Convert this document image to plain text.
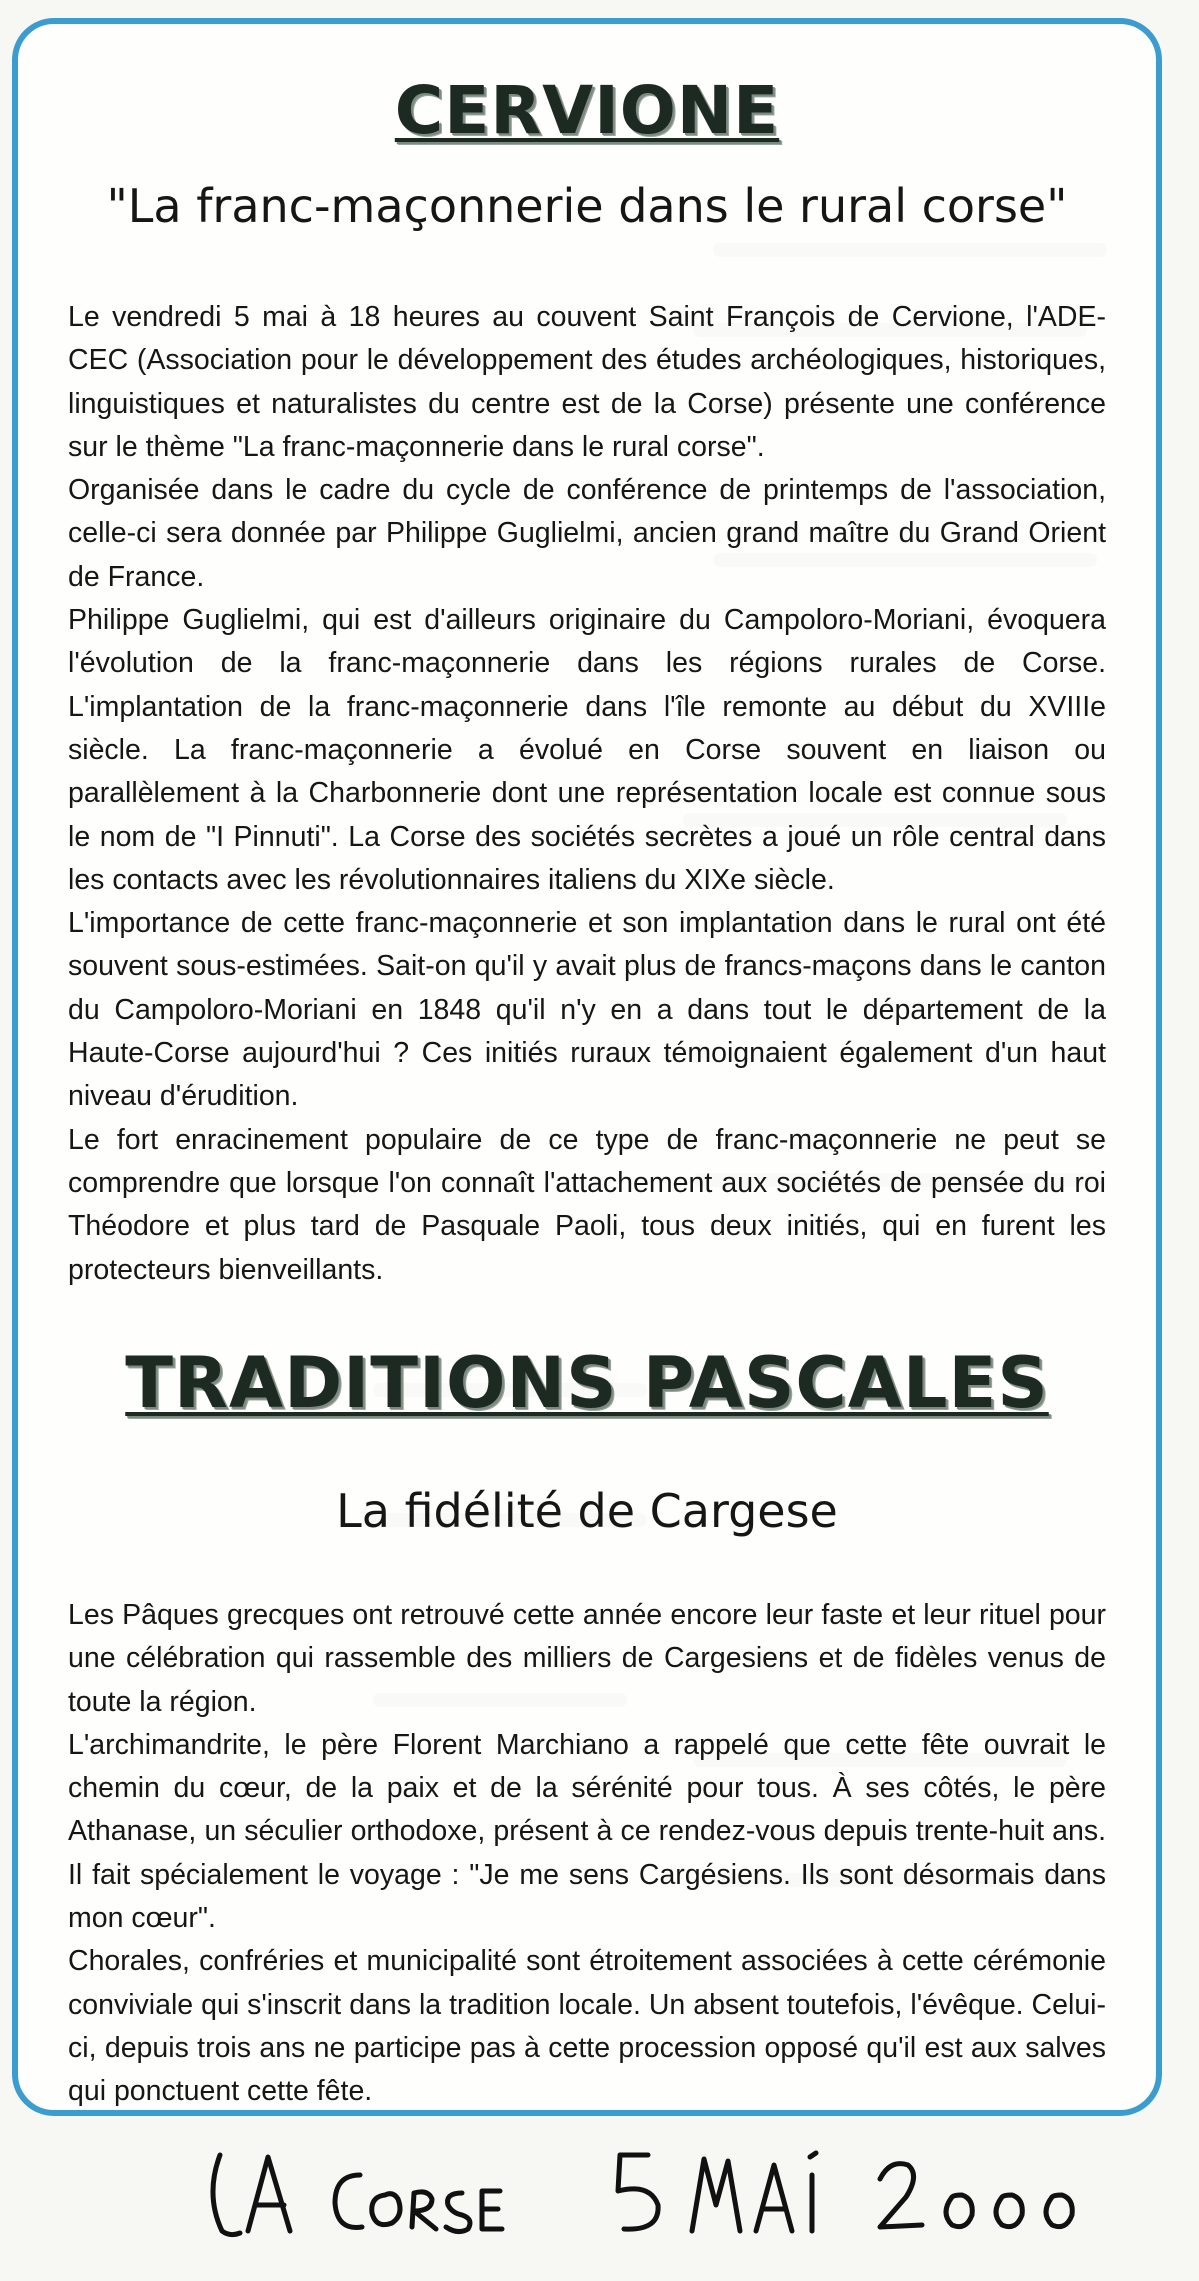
CERVIONE
"La franc-maçonnerie dans le rural corse"

Le vendredi 5 mai à 18 heures au couvent Saint François de Cervione, l'ADE-CEC (Association pour le développement des études archéologiques, historiques, linguistiques et naturalistes du centre est de la Corse) présente une conférence sur le thème "La franc-maçonnerie dans le rural corse".

Organisée dans le cadre du cycle de conférence de printemps de l'association, celle-ci sera donnée par Philippe Guglielmi, ancien grand maître du Grand Orient de France.

Philippe Guglielmi, qui est d'ailleurs originaire du Campoloro-Moriani, évoquera l'évolution de la franc-maçonnerie dans les régions rurales de Corse. L'implantation de la franc-maçonnerie dans l'île remonte au début du XVIIIe siècle. La franc-maçonnerie a évolué en Corse souvent en liaison ou parallèlement à la Charbonnerie dont une représentation locale est connue sous le nom de "I Pinnuti". La Corse des sociétés secrètes a joué un rôle central dans les contacts avec les révolutionnaires italiens du XIXe siècle.

L'importance de cette franc-maçonnerie et son implantation dans le rural ont été souvent sous-estimées. Sait-on qu'il y avait plus de francs-maçons dans le canton du Campoloro-Moriani en 1848 qu'il n'y en a dans tout le département de la Haute-Corse aujourd'hui ? Ces initiés ruraux témoignaient également d'un haut niveau d'érudition.

Le fort enracinement populaire de ce type de franc-maçonnerie ne peut se comprendre que lorsque l'on connaît l'attachement aux sociétés de pensée du roi Théodore et plus tard de Pasquale Paoli, tous deux initiés, qui en furent les protecteurs bienveillants.

TRADITIONS PASCALES
La fidélité de Cargese

Les Pâques grecques ont retrouvé cette année encore leur faste et leur rituel pour une célébration qui rassemble des milliers de Cargesiens et de fidèles venus de toute la région.

L'archimandrite, le père Florent Marchiano a rappelé que cette fête ouvrait le chemin du cœur, de la paix et de la sérénité pour tous. À ses côtés, le père Athanase, un séculier orthodoxe, présent à ce rendez-vous depuis trente-huit ans. Il fait spécialement le voyage : "Je me sens Cargésiens. Ils sont désormais dans mon cœur".

Chorales, confréries et municipalité sont étroitement associées à cette cérémonie conviviale qui s'inscrit dans la tradition locale. Un absent toutefois, l'évêque. Celui-ci, depuis trois ans ne participe pas à cette procession opposé qu'il est aux salves qui ponctuent cette fête.
